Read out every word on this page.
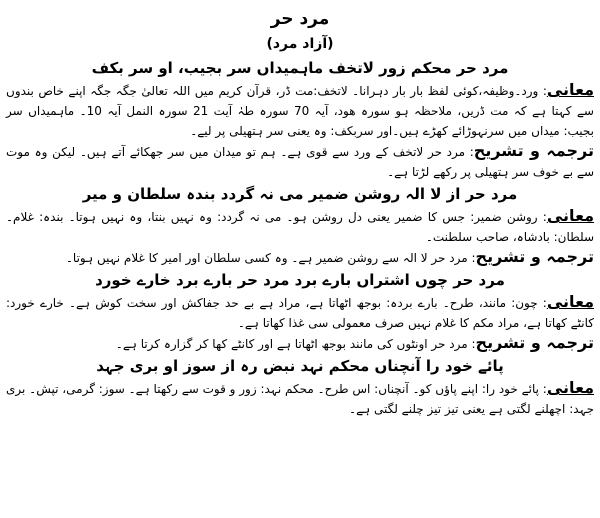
مرد حر
(آزاد مرد)
مرد حر محکم زور لاتخف ماہمیداں سر بجیب، او سر بکف
معانی: ورد۔وظیفہ،کوئی لفظ بار بار دہرانا۔ لاتخف:مت ڈر، قرآن کریم میں اللہ تعالیٰ جگہ جگہ اپنے خاص بندوں سے کہتا ہے کہ مت ڈریں، ملاحظہ ہو سورہ ھود، آیہ 70 سورہ طہٰ آیت 21 سورہ النمل آیہ 10۔ ماہمیداں سر بجیب: میداں میں سرنہوڑائے کھڑے ہیں۔اور سربکف: وہ یعنی سر ہتھیلی پر لیے۔
ترجمہ و تشریح: مرد حر لاتخف کے ورد سے قوی ہے۔ ہم تو میدان میں سر جھکائے آتے ہیں۔ لیکن وہ موت سے بے خوف سر ہتھیلی پر رکھے لڑتا ہے۔
مرد حر از لا الہ روشن ضمیر می نہ گردد بندہ سلطان و میر
معانی: روشن ضمیر: جس کا ضمیر یعنی دل روشن ہو۔ می نہ گردد: وہ نہیں بنتا، وہ نہیں ہوتا۔ بندہ: غلام۔ سلطان: بادشاہ، صاحب سلطنت۔
ترجمہ و تشریح: مرد حر لا الہ سے روشن ضمیر ہے۔ وہ کسی سلطان اور امیر کا غلام نہیں ہوتا۔
مرد حر چوں اشتراں بارے برد مرد حر بارے برد خارے خورد
معانی: چون: مانند، طرح۔ بارے بردہ: بوجھ اٹھاتا ہے، مراد ہے بے حد جفاکش اور سخت کوش ہے۔ خارے خورد: کانٹے کھاتا ہے، مراد مکم کا غلام نہیں صرف معمولی سی غذا کھاتا ہے۔
ترجمہ و تشریح: مرد حر اونٹوں کی مانند بوجھ اٹھاتا ہے اور کانٹے کھا کر گزارہ کرتا ہے۔
پائے خود را آنچناں محکم نہد نبض رہ از سوز او بری جہد
معانی: پائے خود را: اپنے پاؤں کو۔ آنچناں: اس طرح۔ محکم نہد: زور و قوت سے رکھتا ہے۔ سوز: گرمی، تپش۔ بری جہد: اچھلنے لگتی ہے یعنی تیز تیز چلنے لگتی ہے۔
